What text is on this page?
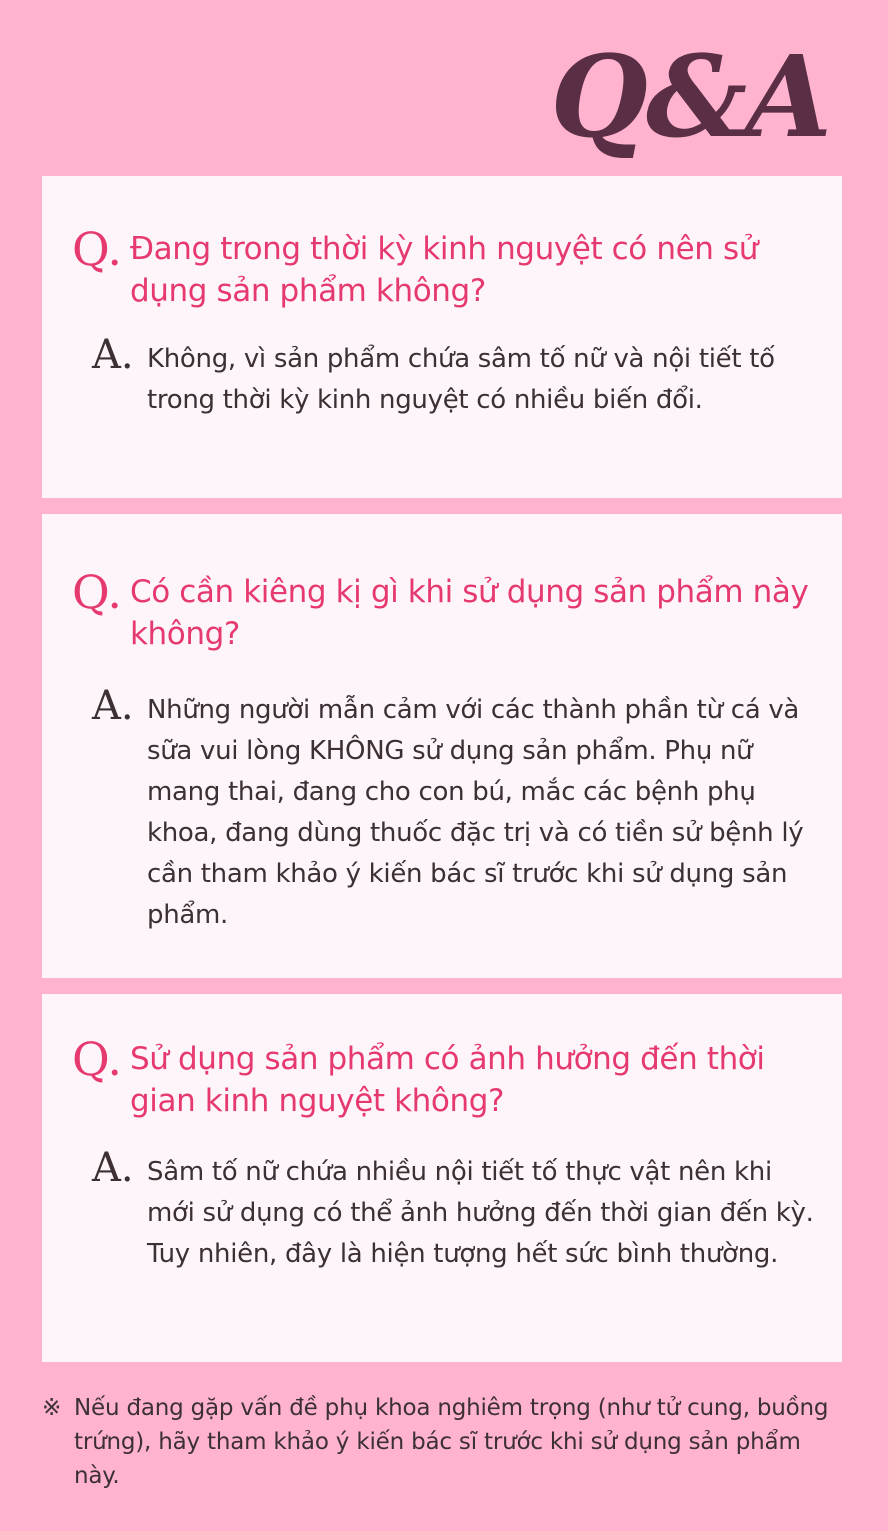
Q&A
Q. Đang trong thời kỳ kinh nguyệt có nên sử dụng sản phẩm không?
A. Không, vì sản phẩm chứa sâm tố nữ và nội tiết tố trong thời kỳ kinh nguyệt có nhiều biến đổi.
Q. Có cần kiêng kị gì khi sử dụng sản phẩm này không?
A. Những người mẫn cảm với các thành phần từ cá và sữa vui lòng KHÔNG sử dụng sản phẩm. Phụ nữ mang thai, đang cho con bú, mắc các bệnh phụ khoa, đang dùng thuốc đặc trị và có tiền sử bệnh lý cần tham khảo ý kiến bác sĩ trước khi sử dụng sản phẩm.
Q. Sử dụng sản phẩm có ảnh hưởng đến thời gian kinh nguyệt không?
A. Sâm tố nữ chứa nhiều nội tiết tố thực vật nên khi mới sử dụng có thể ảnh hưởng đến thời gian đến kỳ. Tuy nhiên, đây là hiện tượng hết sức bình thường.
※ Nếu đang gặp vấn đề phụ khoa nghiêm trọng (như tử cung, buồng trứng), hãy tham khảo ý kiến bác sĩ trước khi sử dụng sản phẩm này.
